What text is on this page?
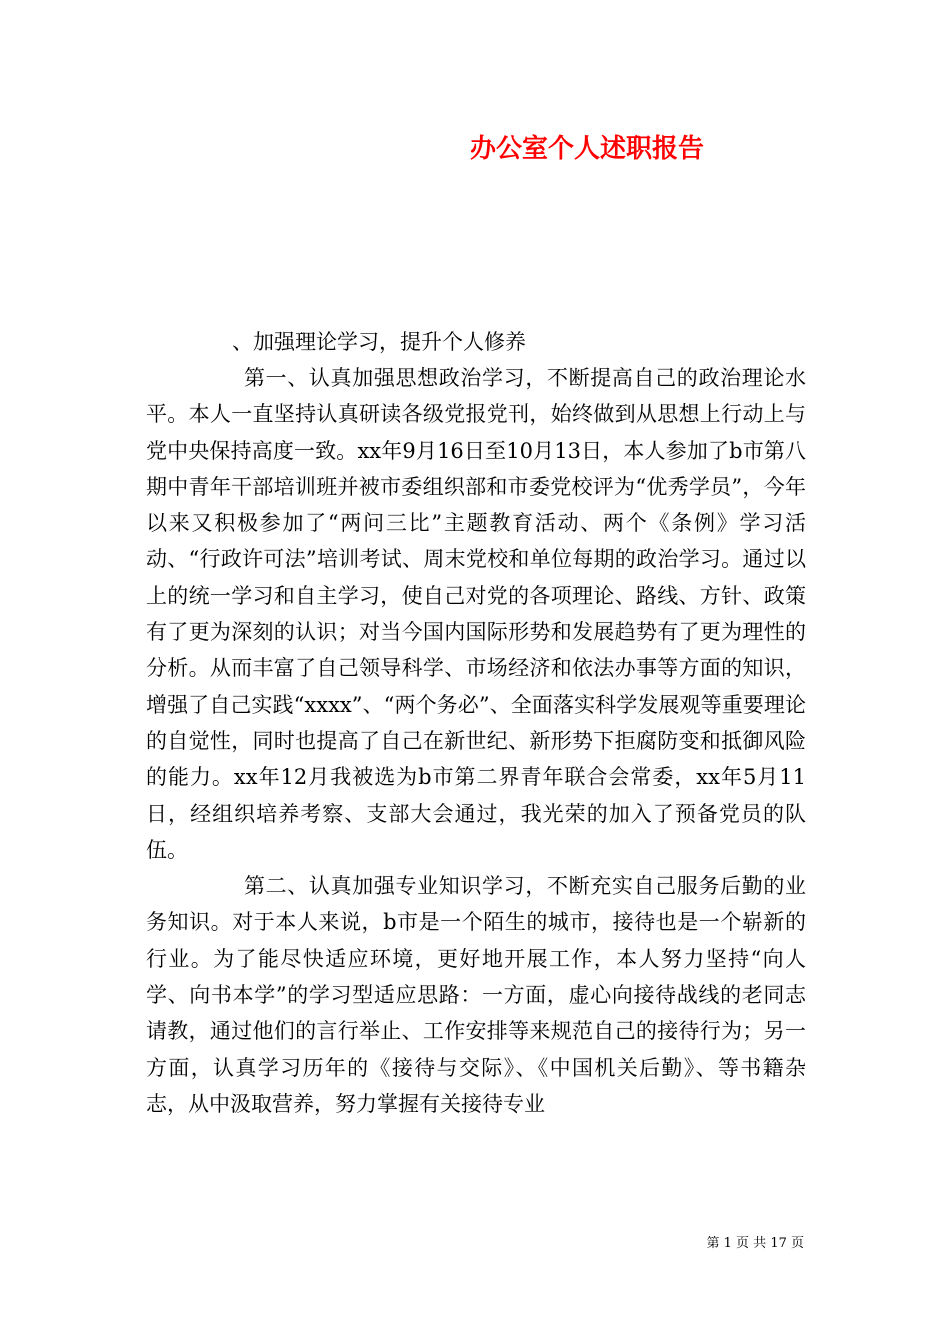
办公室个人述职报告

、加强理论学习，提升个人修养

第一、认真加强思想政治学习，不断提高自己的政治理论水平。本人一直坚持认真研读各级党报党刊，始终做到从思想上行动上与党中央保持高度一致。xx年9月16日至10月13日，本人参加了b市第八期中青年干部培训班并被市委组织部和市委党校评为“优秀学员”，今年以来又积极参加了“两问三比”主题教育活动、两个《条例》学习活动、“行政许可法”培训考试、周末党校和单位每期的政治学习。通过以上的统一学习和自主学习，使自己对党的各项理论、路线、方针、政策有了更为深刻的认识；对当今国内国际形势和发展趋势有了更为理性的分析。从而丰富了自己领导科学、市场经济和依法办事等方面的知识，增强了自己实践“xxxx”、“两个务必”、全面落实科学发展观等重要理论的自觉性，同时也提高了自己在新世纪、新形势下拒腐防变和抵御风险的能力。xx年12月我被选为b市第二界青年联合会常委，xx年5月11日，经组织培养考察、支部大会通过，我光荣的加入了预备党员的队伍。

第二、认真加强专业知识学习，不断充实自己服务后勤的业务知识。对于本人来说，b市是一个陌生的城市，接待也是一个崭新的行业。为了能尽快适应环境，更好地开展工作，本人努力坚持“向人学、向书本学”的学习型适应思路：一方面，虚心向接待战线的老同志请教，通过他们的言行举止、工作安排等来规范自己的接待行为；另一方面，认真学习历年的《接待与交际》、《中国机关后勤》、等书籍杂志，从中汲取营养，努力掌握有关接待专业

第 1 页 共 17 页
